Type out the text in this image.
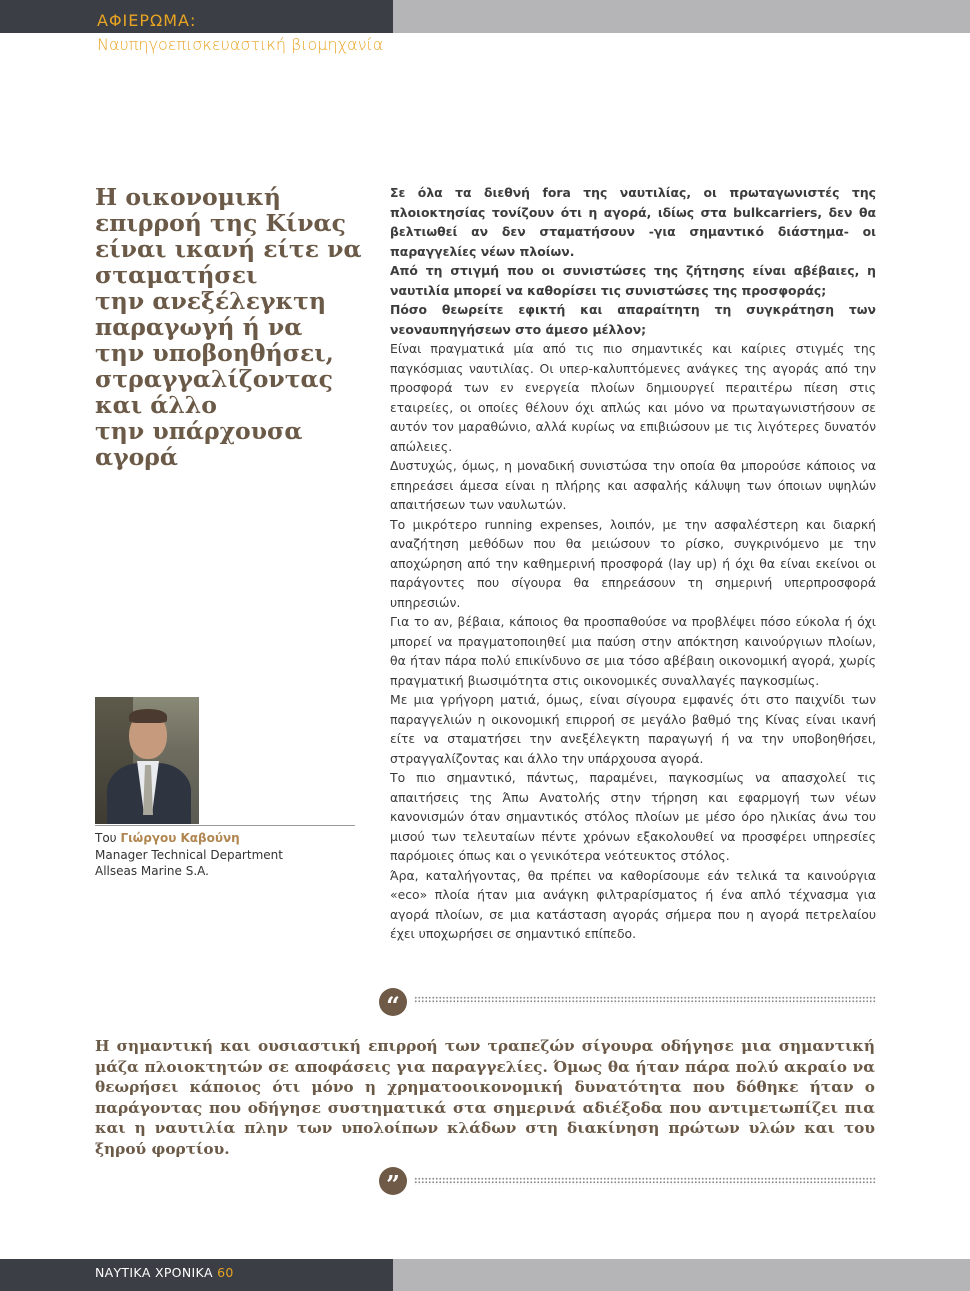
ΑΦΙΕΡΩΜΑ:
Ναυπηγοεπισκευαστική βιομηχανία
Η οικονομική
επιρροή της Κίνας
είναι ικανή είτε να
σταματήσει
την ανεξέλεγκτη
παραγωγή ή να
την υποβοηθήσει,
στραγγαλίζοντας
και άλλο
την υπάρχουσα
αγορά
Του Γιώργου Καβούνη
Manager Technical Department
Allseas Marine S.A.

Σε όλα τα διεθνή fora της ναυτιλίας, οι πρωταγωνιστές της πλοιοκτησίας τονίζουν ότι η αγορά, ιδίως στα bulkcarriers, δεν θα βελτιωθεί αν δεν σταματήσουν -για σημαντικό διάστημα- οι παραγγελίες νέων πλοίων.

Από τη στιγμή που οι συνιστώσες της ζήτησης είναι αβέβαιες, η ναυτιλία μπορεί να καθορίσει τις συνιστώσες της προσφοράς;

Πόσο θεωρείτε εφικτή και απαραίτητη τη συγκράτηση των νεοναυπηγήσεων στο άμεσο μέλλον;

Είναι πραγματικά μία από τις πιο σημαντικές και καίριες στιγμές της παγκόσμιας ναυτιλίας. Οι υπερ-καλυπτόμενες ανάγκες της αγοράς από την προσφορά των εν ενεργεία πλοίων δημιουργεί περαιτέρω πίεση στις εταιρείες, οι οποίες θέλουν όχι απλώς και μόνο να πρωταγωνιστήσουν σε αυτόν τον μαραθώνιο, αλλά κυρίως να επιβιώσουν με τις λιγότερες δυνατόν απώλειες.

Δυστυχώς, όμως, η μοναδική συνιστώσα την οποία θα μπορούσε κάποιος να επηρεάσει άμεσα είναι η πλήρης και ασφαλής κάλυψη των όποιων υψηλών απαιτήσεων των ναυλωτών.

Το μικρότερο running expenses, λοιπόν, με την ασφαλέστερη και διαρκή αναζήτηση μεθόδων που θα μειώσουν το ρίσκο, συγκρινόμενο με την αποχώρηση από την καθημερινή προσφορά (lay up) ή όχι θα είναι εκείνοι οι παράγοντες που σίγουρα θα επηρεάσουν τη σημερινή υπερπροσφορά υπηρεσιών.

Για το αν, βέβαια, κάποιος θα προσπαθούσε να προβλέψει πόσο εύκολα ή όχι μπορεί να πραγματοποιηθεί μια παύση στην απόκτηση καινούργιων πλοίων, θα ήταν πάρα πολύ επικίνδυνο σε μια τόσο αβέβαιη οικονομική αγορά, χωρίς πραγματική βιωσιμότητα στις οικονομικές συναλλαγές παγκοσμίως.

Με μια γρήγορη ματιά, όμως, είναι σίγουρα εμφανές ότι στο παιχνίδι των παραγγελιών η οικονομική επιρροή σε μεγάλο βαθμό της Κίνας είναι ικανή είτε να σταματήσει την ανεξέλεγκτη παραγωγή ή να την υποβοηθήσει, στραγγαλίζοντας και άλλο την υπάρχουσα αγορά.

Το πιο σημαντικό, πάντως, παραμένει, παγκοσμίως να απασχολεί τις απαιτήσεις της Άπω Ανατολής στην τήρηση και εφαρμογή των νέων κανονισμών όταν σημαντικός στόλος πλοίων με μέσο όρο ηλικίας άνω του μισού των τελευταίων πέντε χρόνων εξακολουθεί να προσφέρει υπηρεσίες παρόμοιες όπως και ο γενικότερα νεότευκτος στόλος.

Άρα, καταλήγοντας, θα πρέπει να καθορίσουμε εάν τελικά τα καινούργια «eco» πλοία ήταν μια ανάγκη φιλτραρίσματος ή ένα απλό τέχνασμα για αγορά πλοίων, σε μια κατάσταση αγοράς σήμερα που η αγορά πετρελαίου έχει υποχωρήσει σε σημαντικό επίπεδο.

“

Η σημαντική και ουσιαστική επιρροή των τραπεζών σίγουρα οδήγησε μια σημαντική μάζα πλοιοκτητών σε αποφάσεις για παραγγελίες. Όμως θα ήταν πάρα πολύ ακραίο να θεωρήσει κάποιος ότι μόνο η χρηματοοικονομική δυνατότητα που δόθηκε ήταν ο παράγοντας που οδήγησε συστηματικά στα σημερινά αδιέξοδα που αντιμετωπίζει πια και η ναυτιλία πλην των υπολοίπων κλάδων στη διακίνηση πρώτων υλών και του ξηρού φορτίου.

”
ΝΑΥΤΙΚΑ ΧΡΟΝΙΚΑ 60
